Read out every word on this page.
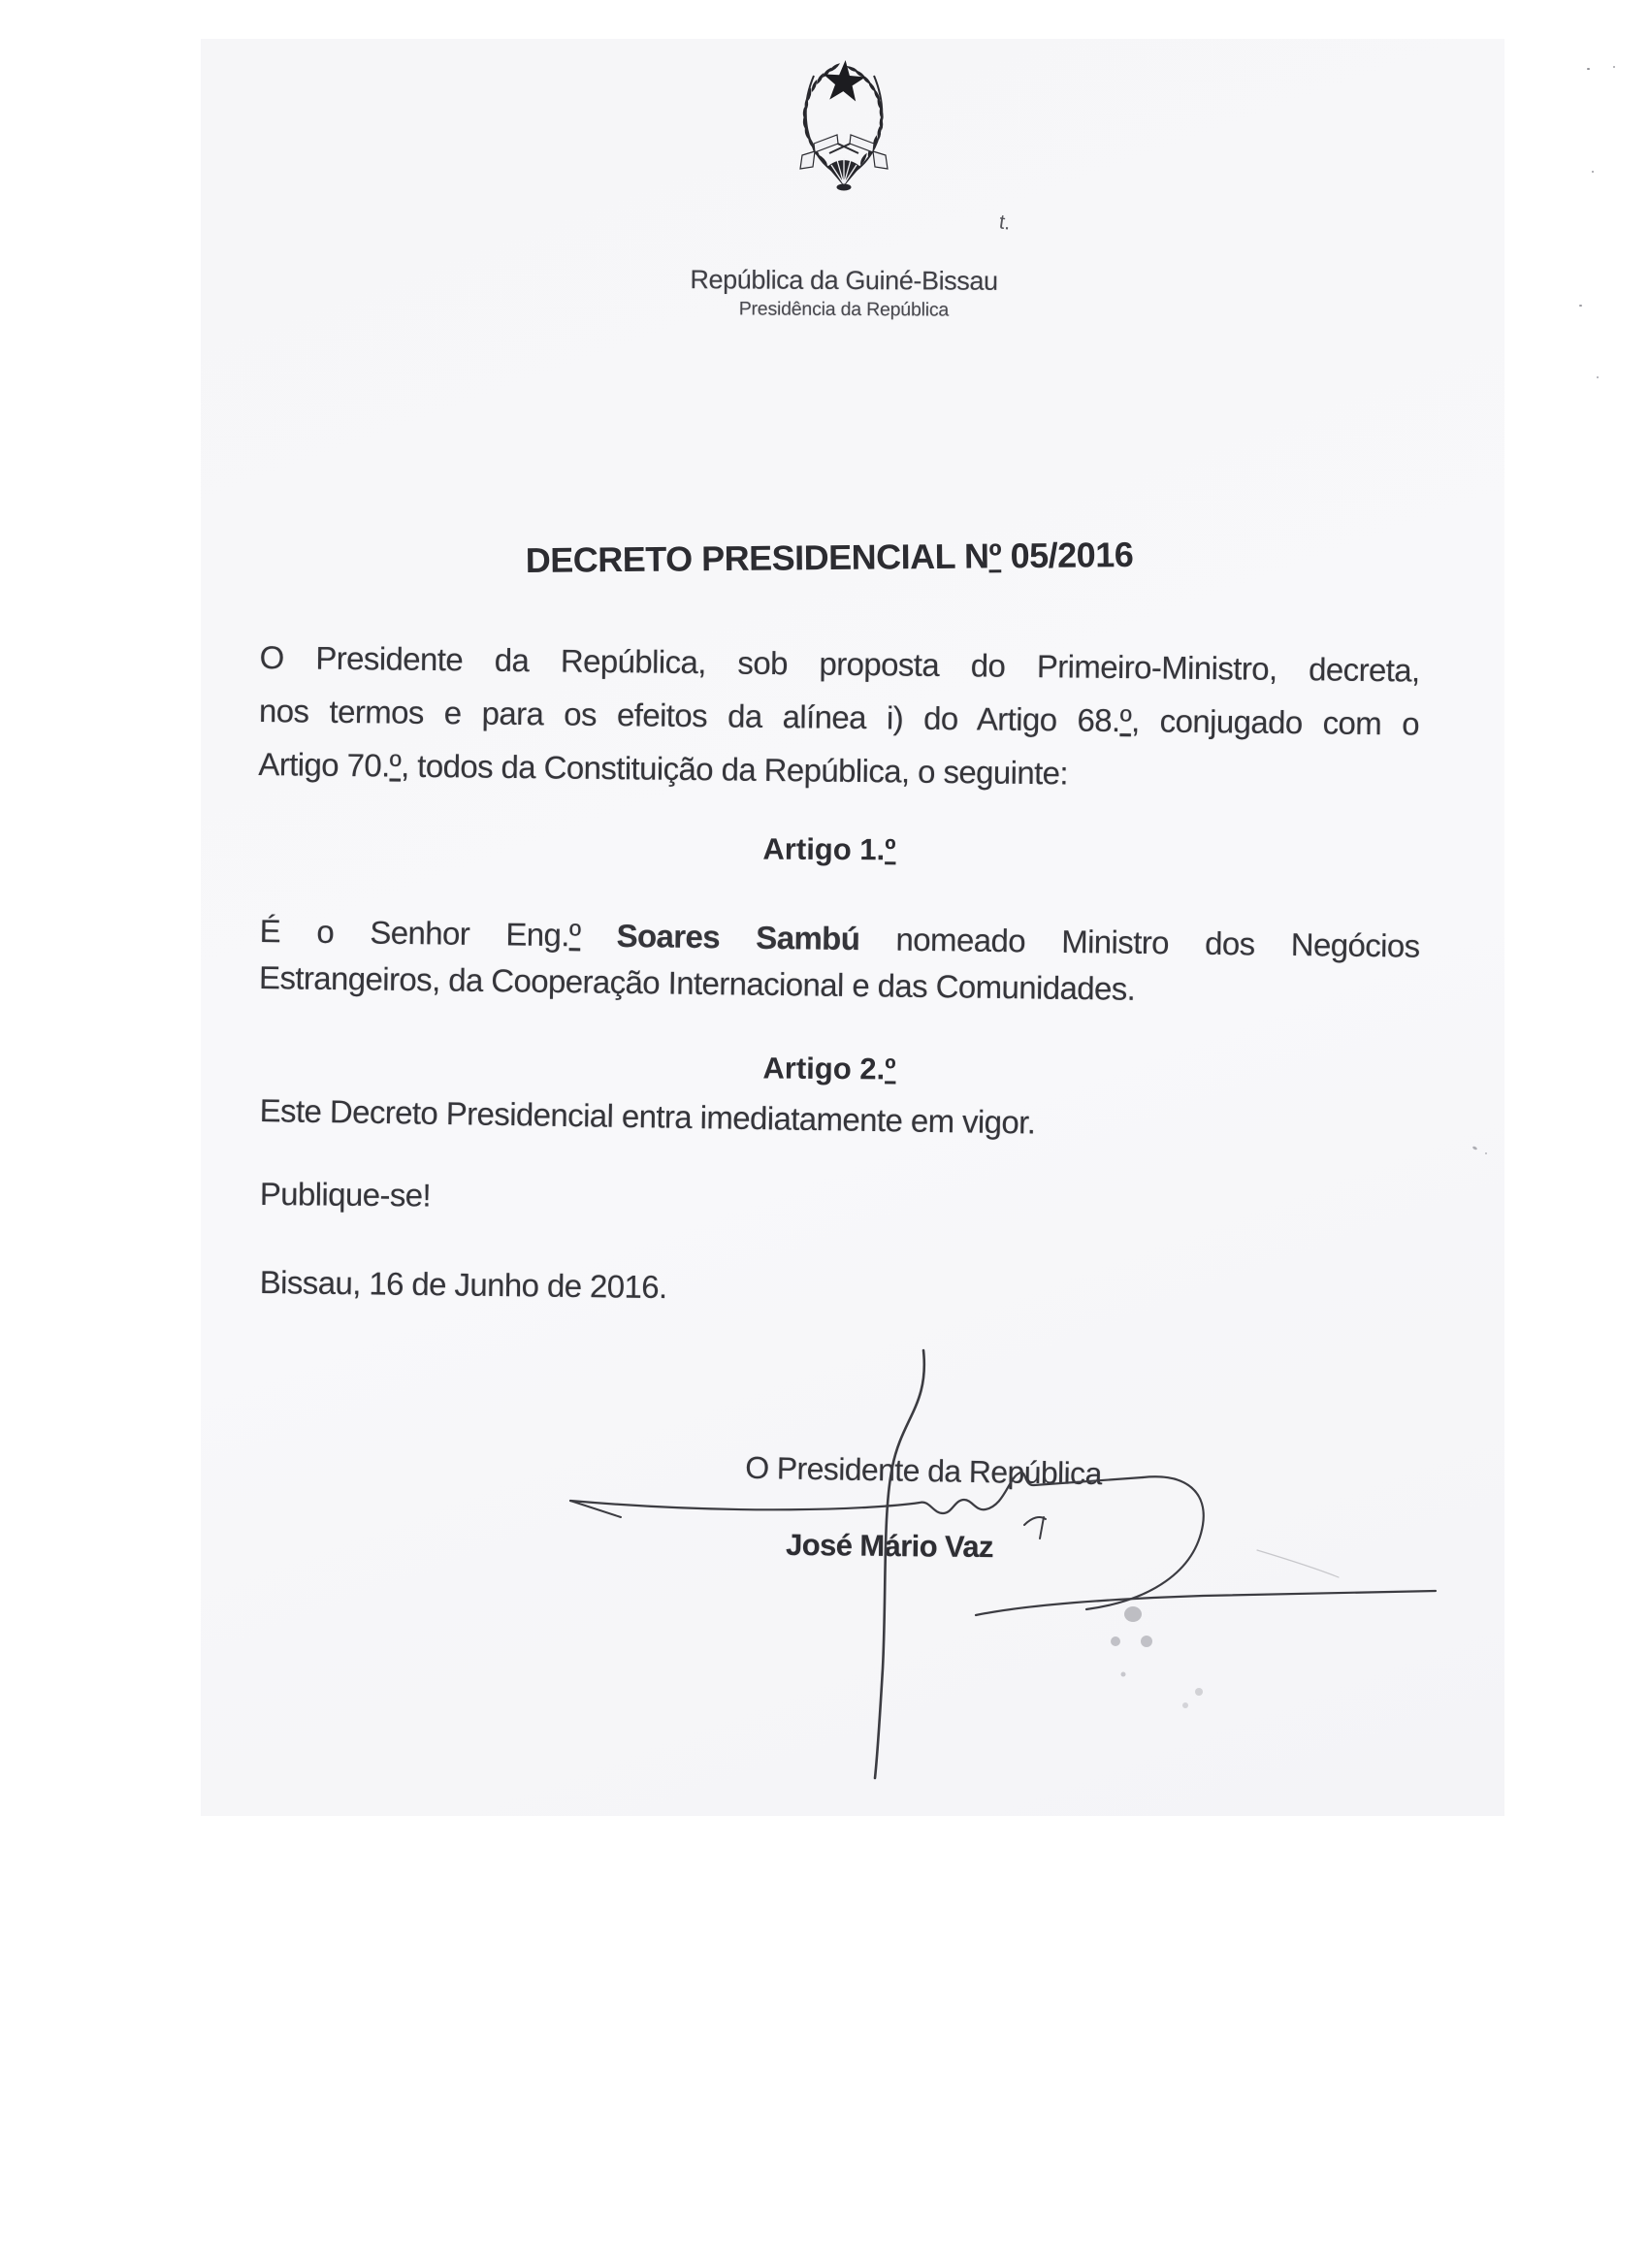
República da Guiné-Bissau
Presidência da República
t.
DECRETO PRESIDENCIAL Nº 05/2016
O Presidente da República, sob proposta do Primeiro-Ministro, decreta,
nos termos e para os efeitos da alínea i) do Artigo 68.º, conjugado com o
Artigo 70.º, todos da Constituição da República, o seguinte:
Artigo 1.º
É o Senhor Eng.º Soares Sambú nomeado Ministro dos Negócios
Estrangeiros, da Cooperação Internacional e das Comunidades.
Artigo 2.º
Este Decreto Presidencial entra imediatamente em vigor.
Publique-se!
Bissau, 16 de Junho de 2016.
O Presidente da República
José Mário Vaz
